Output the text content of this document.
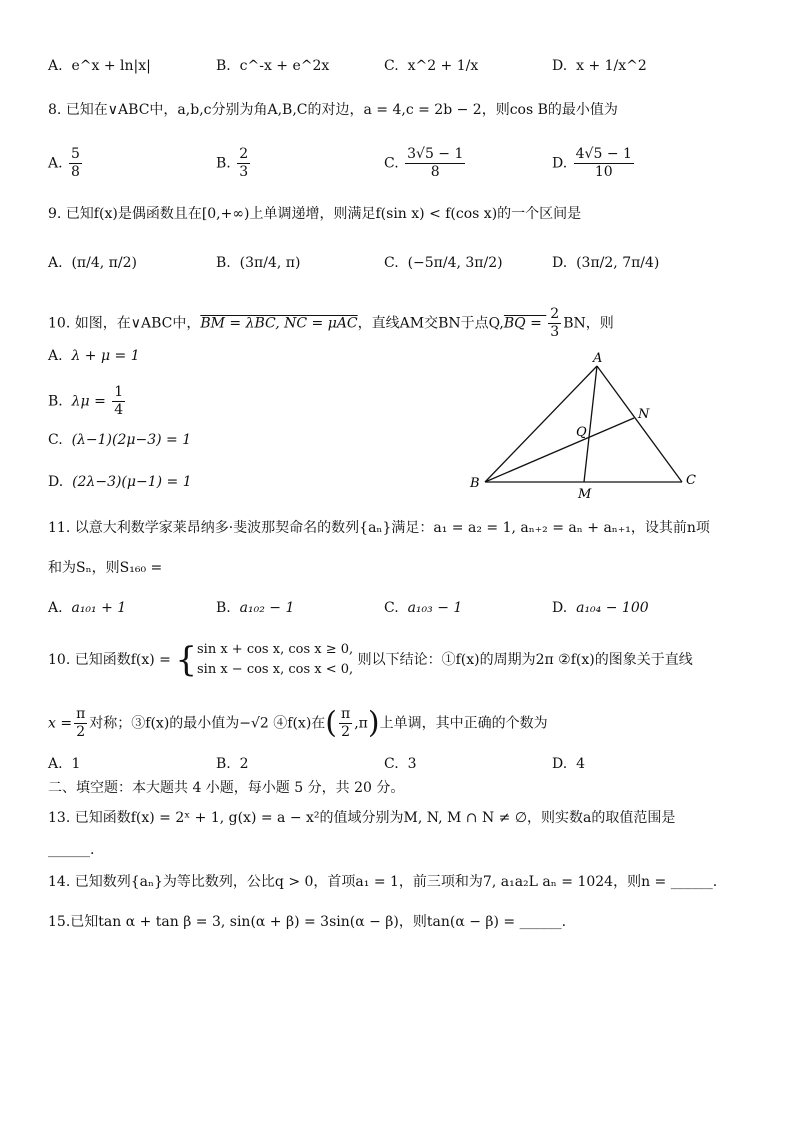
A. e^x + ln|x|	B. c^-x + e^2x	C. x^2 + 1/x	D. x + 1/x^2
8. 已知在∨ABC中，a,b,c分别为角A,B,C的对边，a = 4,c = 2b − 2，则cos B的最小值为
A. $\frac{5}{8}$	B. $\frac{2}{3}$	C. $\frac{3√5 - 1}{8}$	D. $\frac{4√5 - 1}{10}$
9. 已知f(x)是偶函数且在[0,+∞)上单调递增，则满足f(sin x) < f(cos x)的一个区间是
A. (π/4, π/2)	B. (3π/4, π)	C. (−5π/4, 3π/2)	D. (3π/2, 7π/4)
10. 如图，在∨ABC中，BM = λBC, NC = μAC，直线AM交BN于点$Q,BQ = \frac{2}{3}$ BN，则
A. λ + μ = 1
B. $\lambda\mu = \frac{1}{4}$
C. (λ−1)(2μ−3) = 1
D. (2λ−3)(μ−1) = 1
A
B	C
M
N
Q
11. 以意大利数学家莱昂纳多·斐波那契命名的数列{aₙ}满足：a₁ = a₂ = 1, aₙ₊₂ = aₙ + aₙ₊₁，设其前n项
和为Sₙ，则S₁₆₀ =
A. a₁₀₁ + 1	B. a₁₀₂ − 1	C. a₁₀₃ − 1	D. a₁₀₄ − 100
10. 已知函数f(x) = {sin x + cos x, cos x ≥ 0,
sin x − cos x, cos x < 0, 则以下结论：①f(x)的周期为2π ②f(x)的图象关于直线
$x = \frac{\pi}{2}$ 对称；③f(x)的最小值为−√2 ④f(x)在( $\frac{\pi}{2} ,\pi$)上单调，其中正确的个数为
A. 1	B. 2	C. 3	D. 4
二、填空题：本大题共 4 小题，每小题 5 分，共 20 分。
13. 已知函数f(x) = 2ˣ + 1, g(x) = a − x²的值域分别为M, N, M ∩ N ≠ ∅，则实数a的取值范围是
______.
14. 已知数列{aₙ}为等比数列，公比q > 0，首项a₁ = 1，前三项和为7, a₁a₂L aₙ = 1024，则n = ______.
15.已知tan α + tan β = 3, sin(α + β) = 3sin(α − β)，则tan(α − β) = ______.
